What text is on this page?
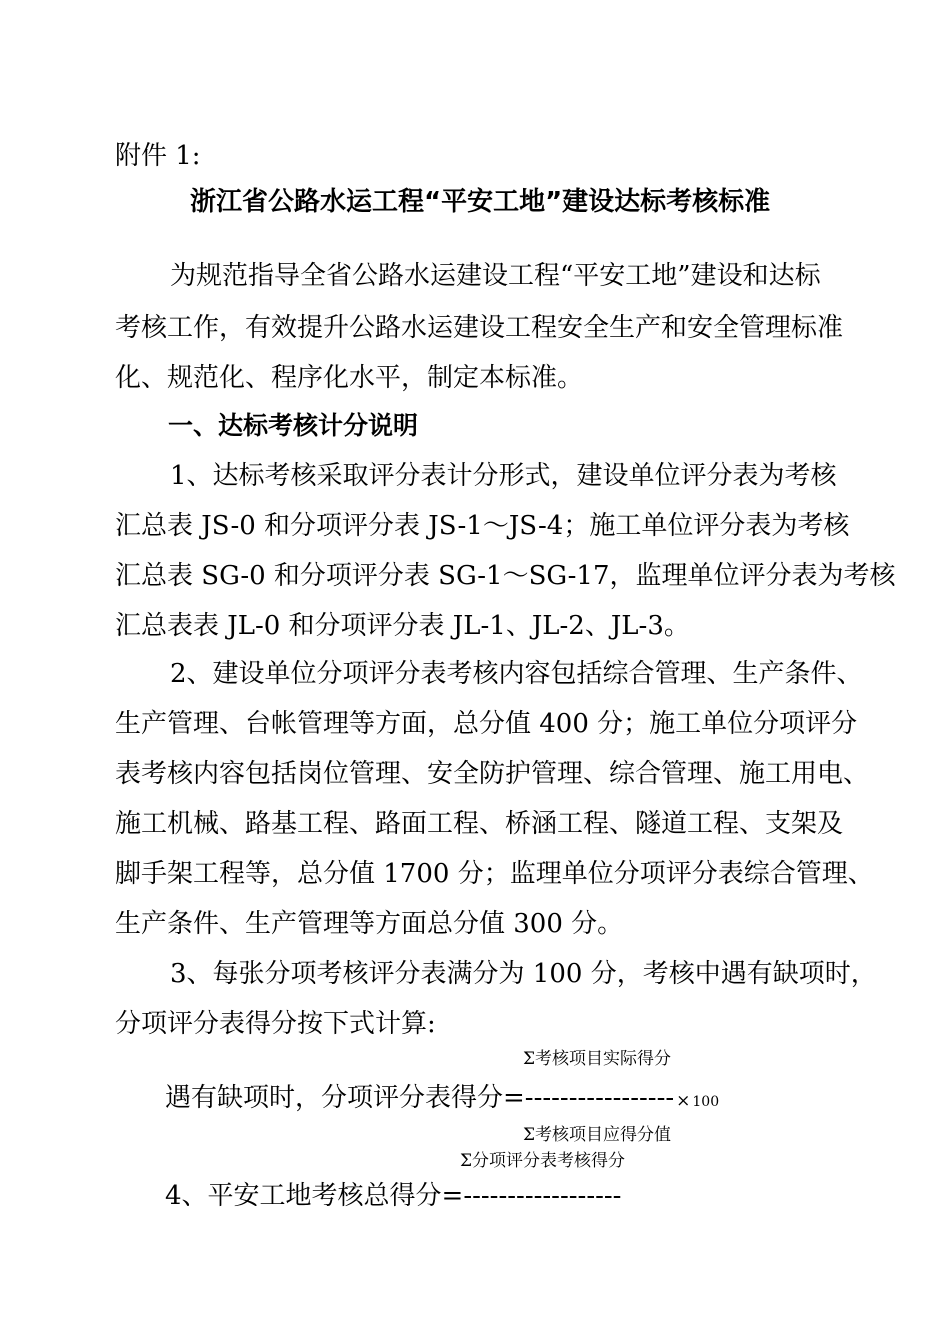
附件 1:
浙江省公路水运工程“平安工地”建设达标考核标准
为规范指导全省公路水运建设工程“平安工地”建设和达标
考核工作，有效提升公路水运建设工程安全生产和安全管理标准
化、规范化、程序化水平，制定本标准。
一、达标考核计分说明
1、达标考核采取评分表计分形式，建设单位评分表为考核
汇总表 JS-0 和分项评分表 JS-1～JS-4；施工单位评分表为考核
汇总表 SG-0 和分项评分表 SG-1～SG-17，监理单位评分表为考核
汇总表表 JL-0 和分项评分表 JL-1、JL-2、JL-3。
2、建设单位分项评分表考核内容包括综合管理、生产条件、
生产管理、台帐管理等方面，总分值 400 分；施工单位分项评分
表考核内容包括岗位管理、安全防护管理、综合管理、施工用电、
施工机械、路基工程、路面工程、桥涵工程、隧道工程、支架及
脚手架工程等，总分值 1700 分；监理单位分项评分表综合管理、
生产条件、生产管理等方面总分值 300 分。
3、每张分项考核评分表满分为 100 分，考核中遇有缺项时，
分项评分表得分按下式计算:
Σ考核项目实际得分
遇有缺项时，分项评分表得分=----------------- × 100
Σ考核项目应得分值
Σ分项评分表考核得分
4、平安工地考核总得分=------------------
